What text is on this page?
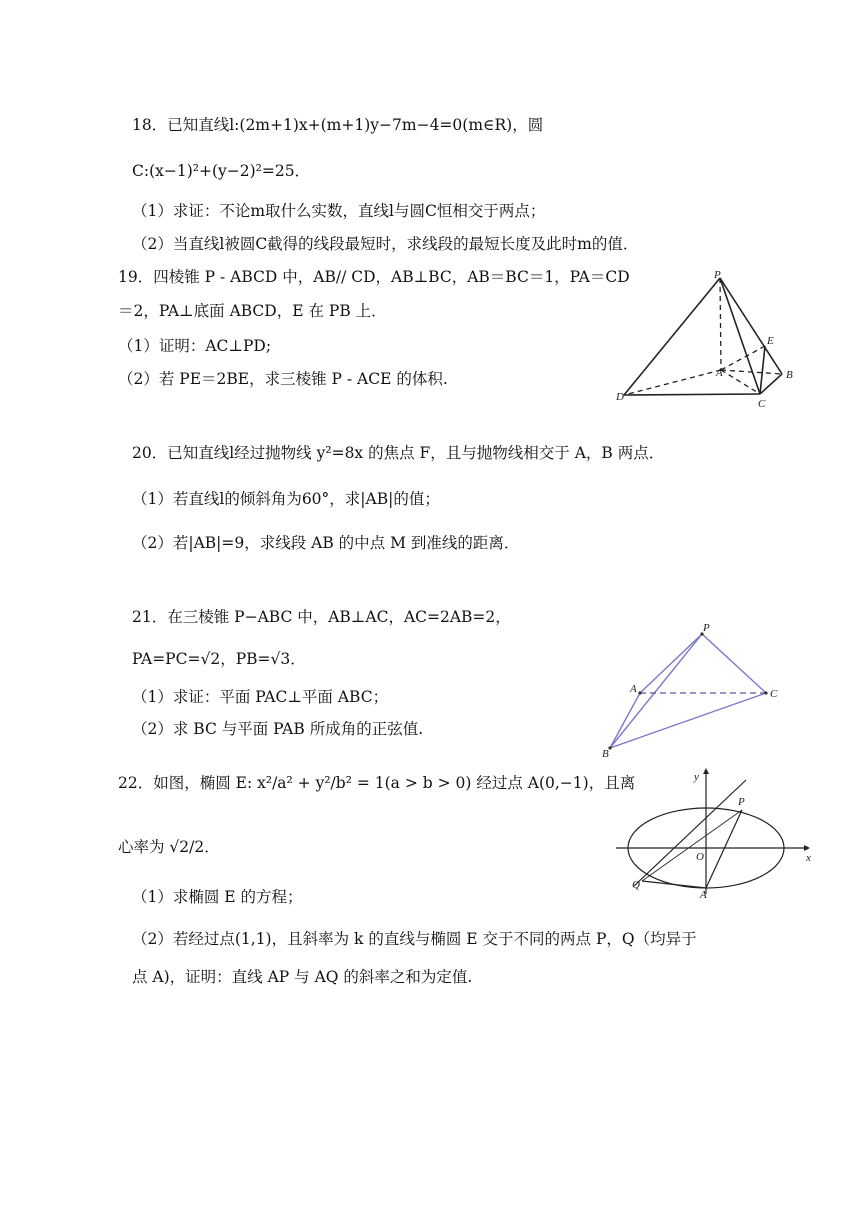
18．已知直线l:(2m+1)x+(m+1)y−7m−4=0(m∈R)，圆
C:(x−1)²+(y−2)²=25．
（1）求证：不论m取什么实数，直线l与圆C恒相交于两点；
（2）当直线l被圆C截得的线段最短时，求线段的最短长度及此时m的值．
19．四棱锥 P - ABCD 中，AB// CD，AB⊥BC，AB＝BC＝1，PA＝CD
＝2，PA⊥底面 ABCD，E 在 PB 上．
（1）证明：AC⊥PD;
（2）若 PE＝2BE，求三棱锥 P - ACE 的体积.
P
E
A	B
C
D
20．已知直线l经过抛物线 y²=8x 的焦点 F，且与抛物线相交于 A，B 两点．
（1）若直线l的倾斜角为60°，求|AB|的值；
（2）若|AB|=9，求线段 AB 的中点 M 到准线的距离．
21．在三棱锥 P−ABC 中，AB⊥AC，AC=2AB=2，
PA=PC=√2，PB=√3．
（1）求证：平面 PAC⊥平面 ABC；
（2）求 BC 与平面 PAB 所成角的正弦值.
P
A	C
B
22．如图，椭圆 E: x²/a² + y²/b² = 1(a > b > 0) 经过点 A(0,−1)，且离
心率为 √2/2．
（1）求椭圆 E 的方程；
（2）若经过点(1,1)，且斜率为 k 的直线与椭圆 E 交于不同的两点 P，Q（均异于
点 A)，证明：直线 AP 与 AQ 的斜率之和为定值.
x
y
O
P
Q
A
